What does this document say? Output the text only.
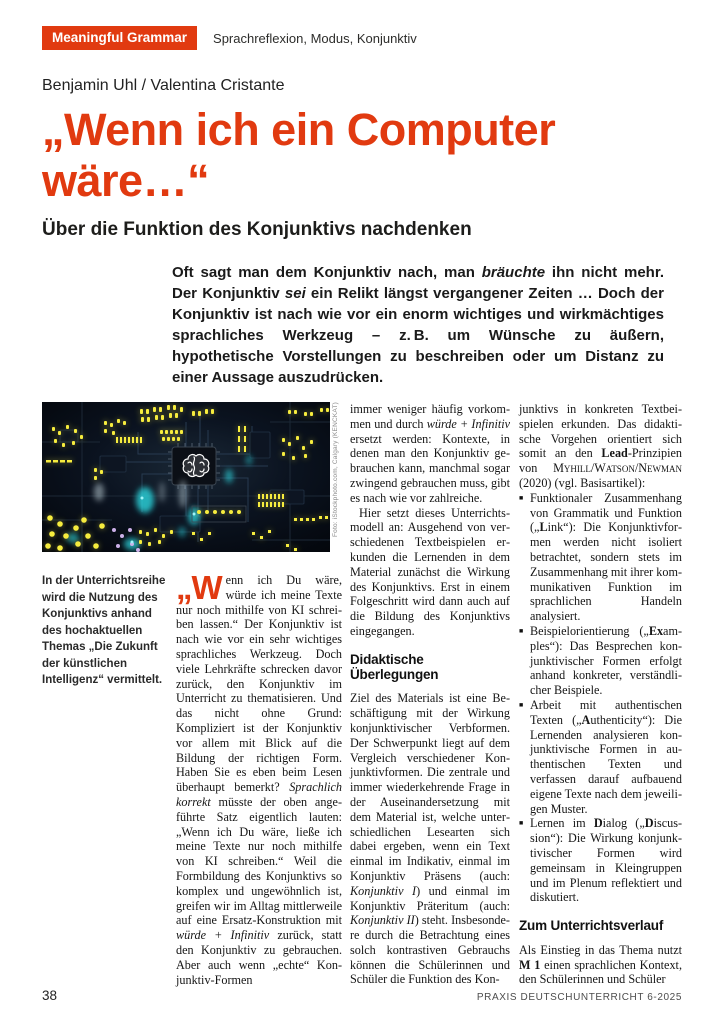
Meaningful Grammar	Sprachreflexion, Modus, Konjunktiv
Benjamin Uhl / Valentina Cristante
„Wenn ich ein Computer
wäre…“
Über die Funktion des Konjunktivs nachdenken

Oft sagt man dem Konjunktiv nach, man bräuchte ihn nicht mehr. Der Konjunktiv sei ein Relikt längst vergangener Zeiten … Doch der Konjunktiv ist nach wie vor ein enorm wichtiges und wirkmächtiges sprachliches Werkzeug – z. B. um Wünsche zu äußern, hypothetische Vorstellungen zu beschreiben oder um Distanz zu einer Aussage auszudrücken.

Foto: iStockphoto.com, Calgary (KENCKAT)
In der Unterrichtsreihe wird die Nutzung des Konjunktivs anhand des hochaktuellen Themas „Die Zukunft der künstlichen Intelligenz“ vermittelt.

„Wenn ich Du wäre, würde ich meine Texte nur noch mithilfe von KI schreiben lassen.“ Der Konjunktiv ist nach wie vor ein sehr wichtiges sprachliches Werkzeug. Doch viele Lehrkräfte schrecken davor zurück, den Konjunktiv im Unterricht zu thematisieren. Und das nicht ohne Grund: Kompliziert ist der Konjunktiv vor allem mit Blick auf die Bildung der richtigen Form. Haben Sie es eben beim Lesen überhaupt bemerkt? Sprachlich korrekt müsste der oben angeführte Satz eigentlich lauten: „Wenn ich Du wäre, ließe ich meine Texte nur noch mithilfe von KI schreiben.“ Weil die Formbildung des Konjunktivs so komplex und ungewöhnlich ist, greifen wir im Alltag mittlerweile auf eine Ersatz-Konstruktion mit würde + Infinitiv zurück, statt den Konjunktiv zu gebrauchen. Aber auch wenn „echte“ Konjunktiv-Formen

immer weniger häufig vorkommen und durch würde + Infinitiv ersetzt werden: Kontexte, in denen man den Konjunktiv gebrauchen kann, manchmal sogar zwingend gebrauchen muss, gibt es nach wie vor zahlreiche.

Hier setzt dieses Unterrichtsmodell an: Ausgehend von verschiedenen Textbeispielen erkunden die Lernenden in dem Material zunächst die Wirkung des Konjunktivs. Erst in einem Folgeschritt wird dann auch auf die Bildung des Konjunktivs eingegangen.

Didaktische Überlegungen

Ziel des Materials ist eine Beschäftigung mit der Wirkung konjunktivischer Verbformen. Der Schwerpunkt liegt auf dem Vergleich verschiedener Konjunktivformen. Die zentrale und immer wiederkehrende Frage in der Auseinandersetzung mit dem Material ist, welche unterschiedlichen Lesearten sich dabei ergeben, wenn ein Text einmal im Indikativ, einmal im Konjunktiv Präsens (auch: Konjunktiv I) und einmal im Konjunktiv Präteritum (auch: Konjunktiv II) steht. Insbesondere durch die Betrachtung eines solch kontrastiven Gebrauchs können die Schülerinnen und Schüler die Funktion des Kon-

junktivs in konkreten Textbeispielen erkunden. Das didaktische Vorgehen orientiert sich somit an den Lead-Prinzipien von Myhill/Watson/Newman (2020) (vgl. Basisartikel):

■ Funktionaler Zusammenhang von Grammatik und Funktion („Link“): Die Konjunktivformen werden nicht isoliert betrachtet, sondern stets im Zusammenhang mit ihrer kommunikativen Funktion im sprachlichen Handeln analysiert.
■ Beispielorientierung („Examples“): Das Besprechen konjunktivischer Formen erfolgt anhand konkreter, verständlicher Beispiele.
■ Arbeit mit authentischen Texten („Authenticity“): Die Lernenden analysieren konjunktivische Formen in authentischen Texten und verfassen darauf aufbauend eigene Texte nach dem jeweiligen Muster.
■ Lernen im Dialog („Discussion“): Die Wirkung konjunktivischer Formen wird gemeinsam in Kleingruppen und im Plenum reflektiert und diskutiert.
Zum Unterrichtsverlauf

Als Einstieg in das Thema nutzt M 1 einen sprachlichen Kontext, den Schülerinnen und Schüler

38	PRAXIS DEUTSCHUNTERRICHT 6-2025
